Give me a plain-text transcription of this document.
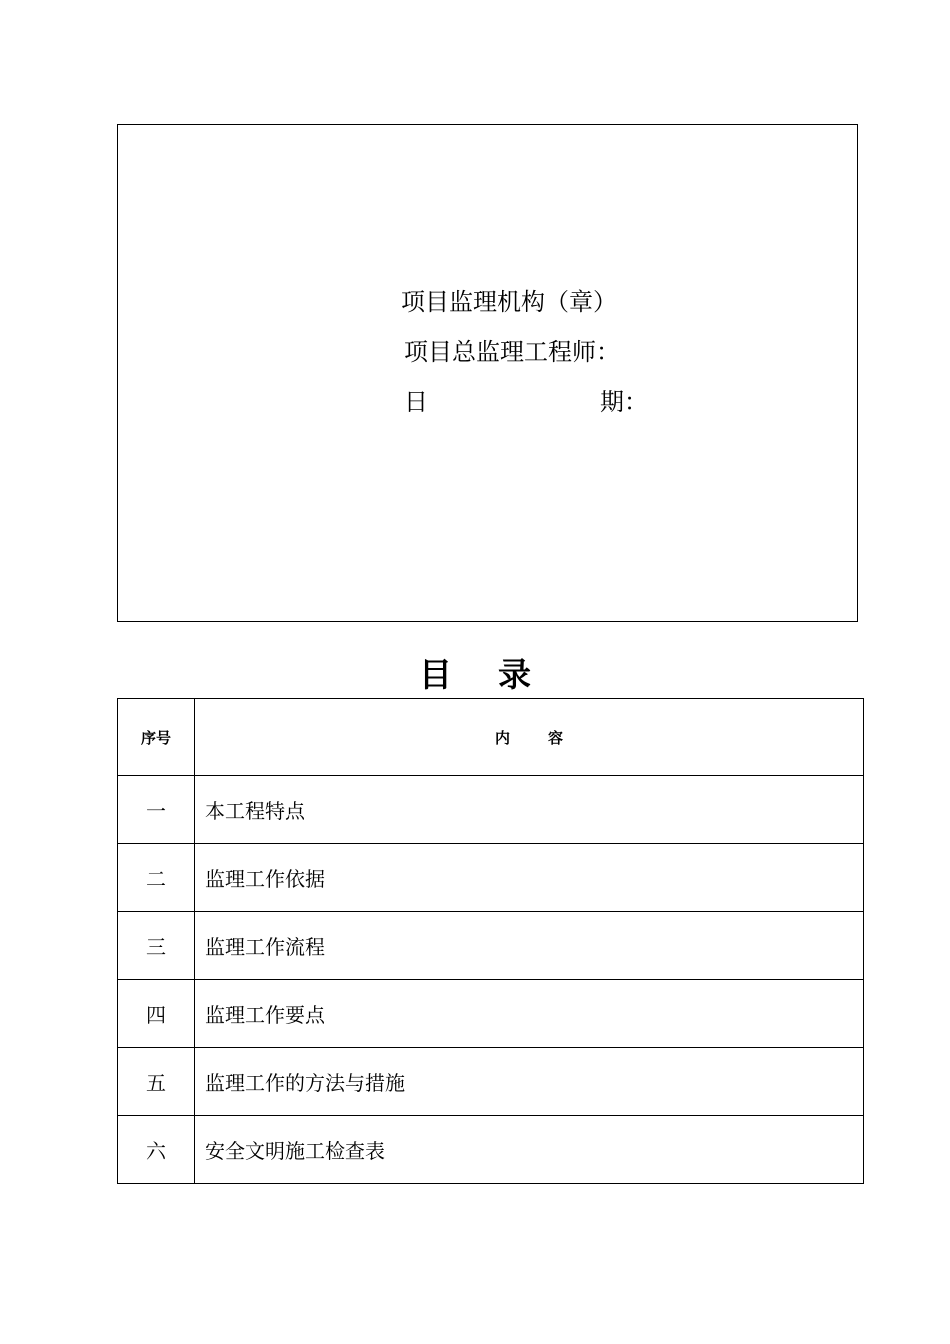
项目监理机构（章）
项目总监理工程师：
日	期：
目 录
序号	内 容
一	本工程特点
二	监理工作依据
三	监理工作流程
四	监理工作要点
五	监理工作的方法与措施
六	安全文明施工检查表
